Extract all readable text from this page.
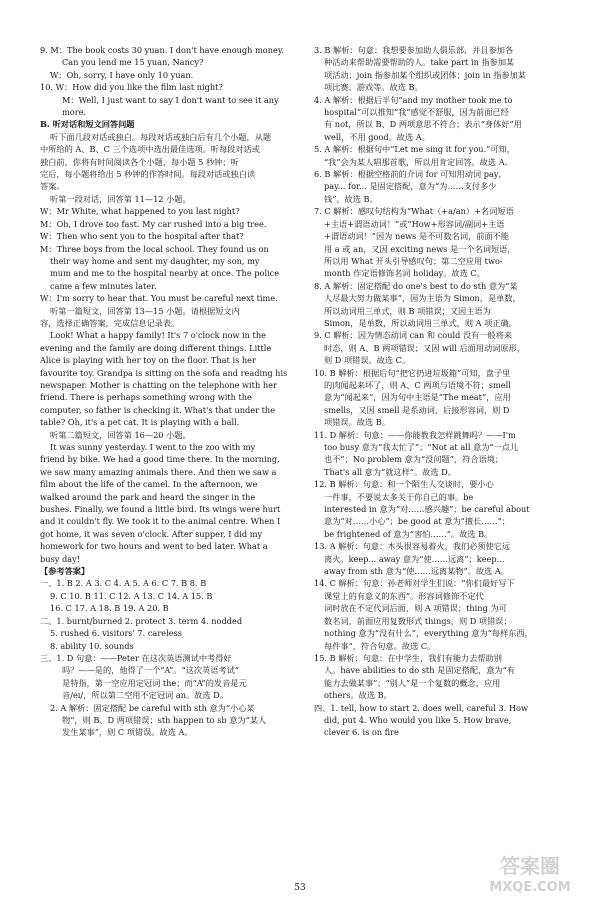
9. M：The book costs 30 yuan. I don't have enough money.
Can you lend me 15 yuan, Nancy?
W：Oh, sorry, I have only 10 yuan.
10. W：How did you like the film last night?
M：Well, I just want to say I don't want to see it any
more.
B. 听对话和短文回答问题
听下面几段对话或独白。每段对话或独白后有几个小题，从题
中所给的 A、B、C 三个选项中选出最佳选项。听每段对话或
独白前，你将有时间阅读各个小题，每小题 5 秒钟；听
完后，每小题将给出 5 秒钟的作答时间。每段对话或独白读
答案。
听第一段对话，回答第 11—12 小题。
W：Mr White, what happened to you last night?
M：Oh, I drove too fast. My car rushed into a big tree.
W：Then who sent you to the hospital after that?
M：Three boys from the local school. They found us on
their way home and sent my daughter, my son, my
mum and me to the hospital nearby at once. The police
came a few minutes later.
W：I'm sorry to hear that. You must be careful next time.
听第一篇短文，回答第 13—15 小题。请根据短文内
容，选择正确答案，完成信息记录表。
Look! What a happy family! It's 7 o'clock now in the
evening and the family are doing different things. Little
Alice is playing with her toy on the floor. That is her
favourite toy. Grandpa is sitting on the sofa and reading his
newspaper. Mother is chatting on the telephone with her
friend. There is perhaps something wrong with the
computer, so father is checking it. What's that under the
table? Oh, it's a pet cat. It is playing with a ball.
听第二篇短文，回答第 16—20 小题。
It was sunny yesterday. I went to the zoo with my
friend by bike. We had a good time there. In the morning,
we saw many amazing animals there. And then we saw a
film about the life of the camel. In the afternoon, we
walked around the park and heard the singer in the
bushes. Finally, we found a little bird. Its wings were hurt
and it couldn't fly. We took it to the animal centre. When I
got home, it was seven o'clock. After supper, I did my
homework for two hours and went to bed later. What a
busy day!
【参考答案】
一、1. B 2. A 3. C 4. A 5. A 6. C 7. B 8. B
9. C 10. B 11. C 12. A 13. C 14. A 15. B
16. C 17. A 18. B 19. A 20. B
二、1. burnt/burned 2. protect 3. term 4. nodded
5. rushed 6. visitors' 7. careless
8. ability 10. sounds
三、1. D 句意：——Peter 在这次英语测试中考得好
吗？——是的，他得了一个“A”。“这次英语考试”
是特指，第一空应用定冠词 the；而“A”的发音是元
音/eɪ/，所以第二空用不定冠词 an。故选 D。
2. A 解析：固定搭配 be careful with sth 意为“小心某
物”，则 B、D 两项错误；sth happen to sb 意为“某人
发生某事”，则 C 项错误。故选 A。
3. B 解析：句意：我想要参加助人俱乐部，并且参加各
种活动来帮助需要帮助的人。take part in 指参加某
项活动；join 指参加某个组织或团体；join in 指参加某
项比赛、游戏等。故选 B。
4. A 解析：根据后半句“and my mother took me to
hospital”可以推知“我”感觉不舒服，因为前面已经
有 not，所以 B、D 两项意思不符合；表示“身体好”用
well，不用 good。故选 A。
5. A 解析：根据句中“Let me sing it for you.”可知，
“我”会为某人唱那首歌，所以用肯定回答。故选 A。
6. B 解析：根据空格前的介词 for 可知用动词 pay，
pay... for... 是固定搭配，意为“为……支付多少
钱”。故选 B。
7. C 解析：感叹句结构为“What（+a/an）+名词短语
+主语+谓语动词！”或“How+形容词/副词+主语
+谓语动词！”因为 news 是不可数名词，前面不能
用 a 或 an，又因 exciting news 是一个名词短语，
所以用 What 开头引导感叹句；第二空应用 two-
month 作定语修饰名词 holiday。故选 C。
8. A 解析：固定搭配 do one's best to do sth 意为“某
人尽最大努力做某事”，因为主语为 Simon，是单数，
所以动词用三单式，则 B 项错误；又因主语为
Simon，是单数，所以动词用三单式，则 A 项正确。
9. C 解析：因为情态动词 can 和 could 没有一般将来
时态，则 A、B 两项错误；又因 will 后面用动词原形，
则 D 项错误。故选 C。
10. B 解析：根据后句“把它扔进垃圾箱”可知，盘子里
的肉闻起来坏了，则 A、C 两项与语境不符；smell
意为“闻起来”，因为句中主语是“The meat”，应用
smells，又因 smell 是系动词，后接形容词，则 D
项错误。故选 B。
11. D 解析：句意：——你能教我怎样跳舞吗？——I'm
too busy 意为“我太忙了”；“Not at all 意为“一点儿
也不”；No problem 意为“没问题”，符合语境；
That's all 意为“就这样”。故选 D。
12. B 解析：句意：和一个陌生人交谈时，要小心
一件事，不要说太多关于你自己的事。be
interested in 意为“对……感兴趣”；be careful about
意为“对……小心”；be good at 意为“擅长……”；
be frightened of 意为“害怕……”。故选 B。
13. A 解析：句意：木头很容易着火，我们必须使它远
离火。keep... away 意为“使……远离”；keep...
away from sth 意为“使……远离某物”。故选 A。
14. C 解析：句意：孙老师对学生们说：“你们最好写下
课堂上的有意义的东西”。形容词修饰不定代
词时放在不定代词后面，则 A 项错误；thing 为可
数名词，前面应用复数形式 things，则 D 项错误；
nothing 意为“没有什么”，everything 意为“每样东西，
每件事”，符合句意。故选 C。
15. B 解析：句意：在中学生，我们有能力去帮助别
人。have abilities to do sth 是固定搭配，意为“有
能力去做某事”；“别人”是一个复数的概念，应用
others。故选 B。
四、1. tell, how to start 2. does well, careful 3. How
did, put 4. Who would you like 5. How brave,
clever 6. is on fire
53
答案圈
MXQE.COM
